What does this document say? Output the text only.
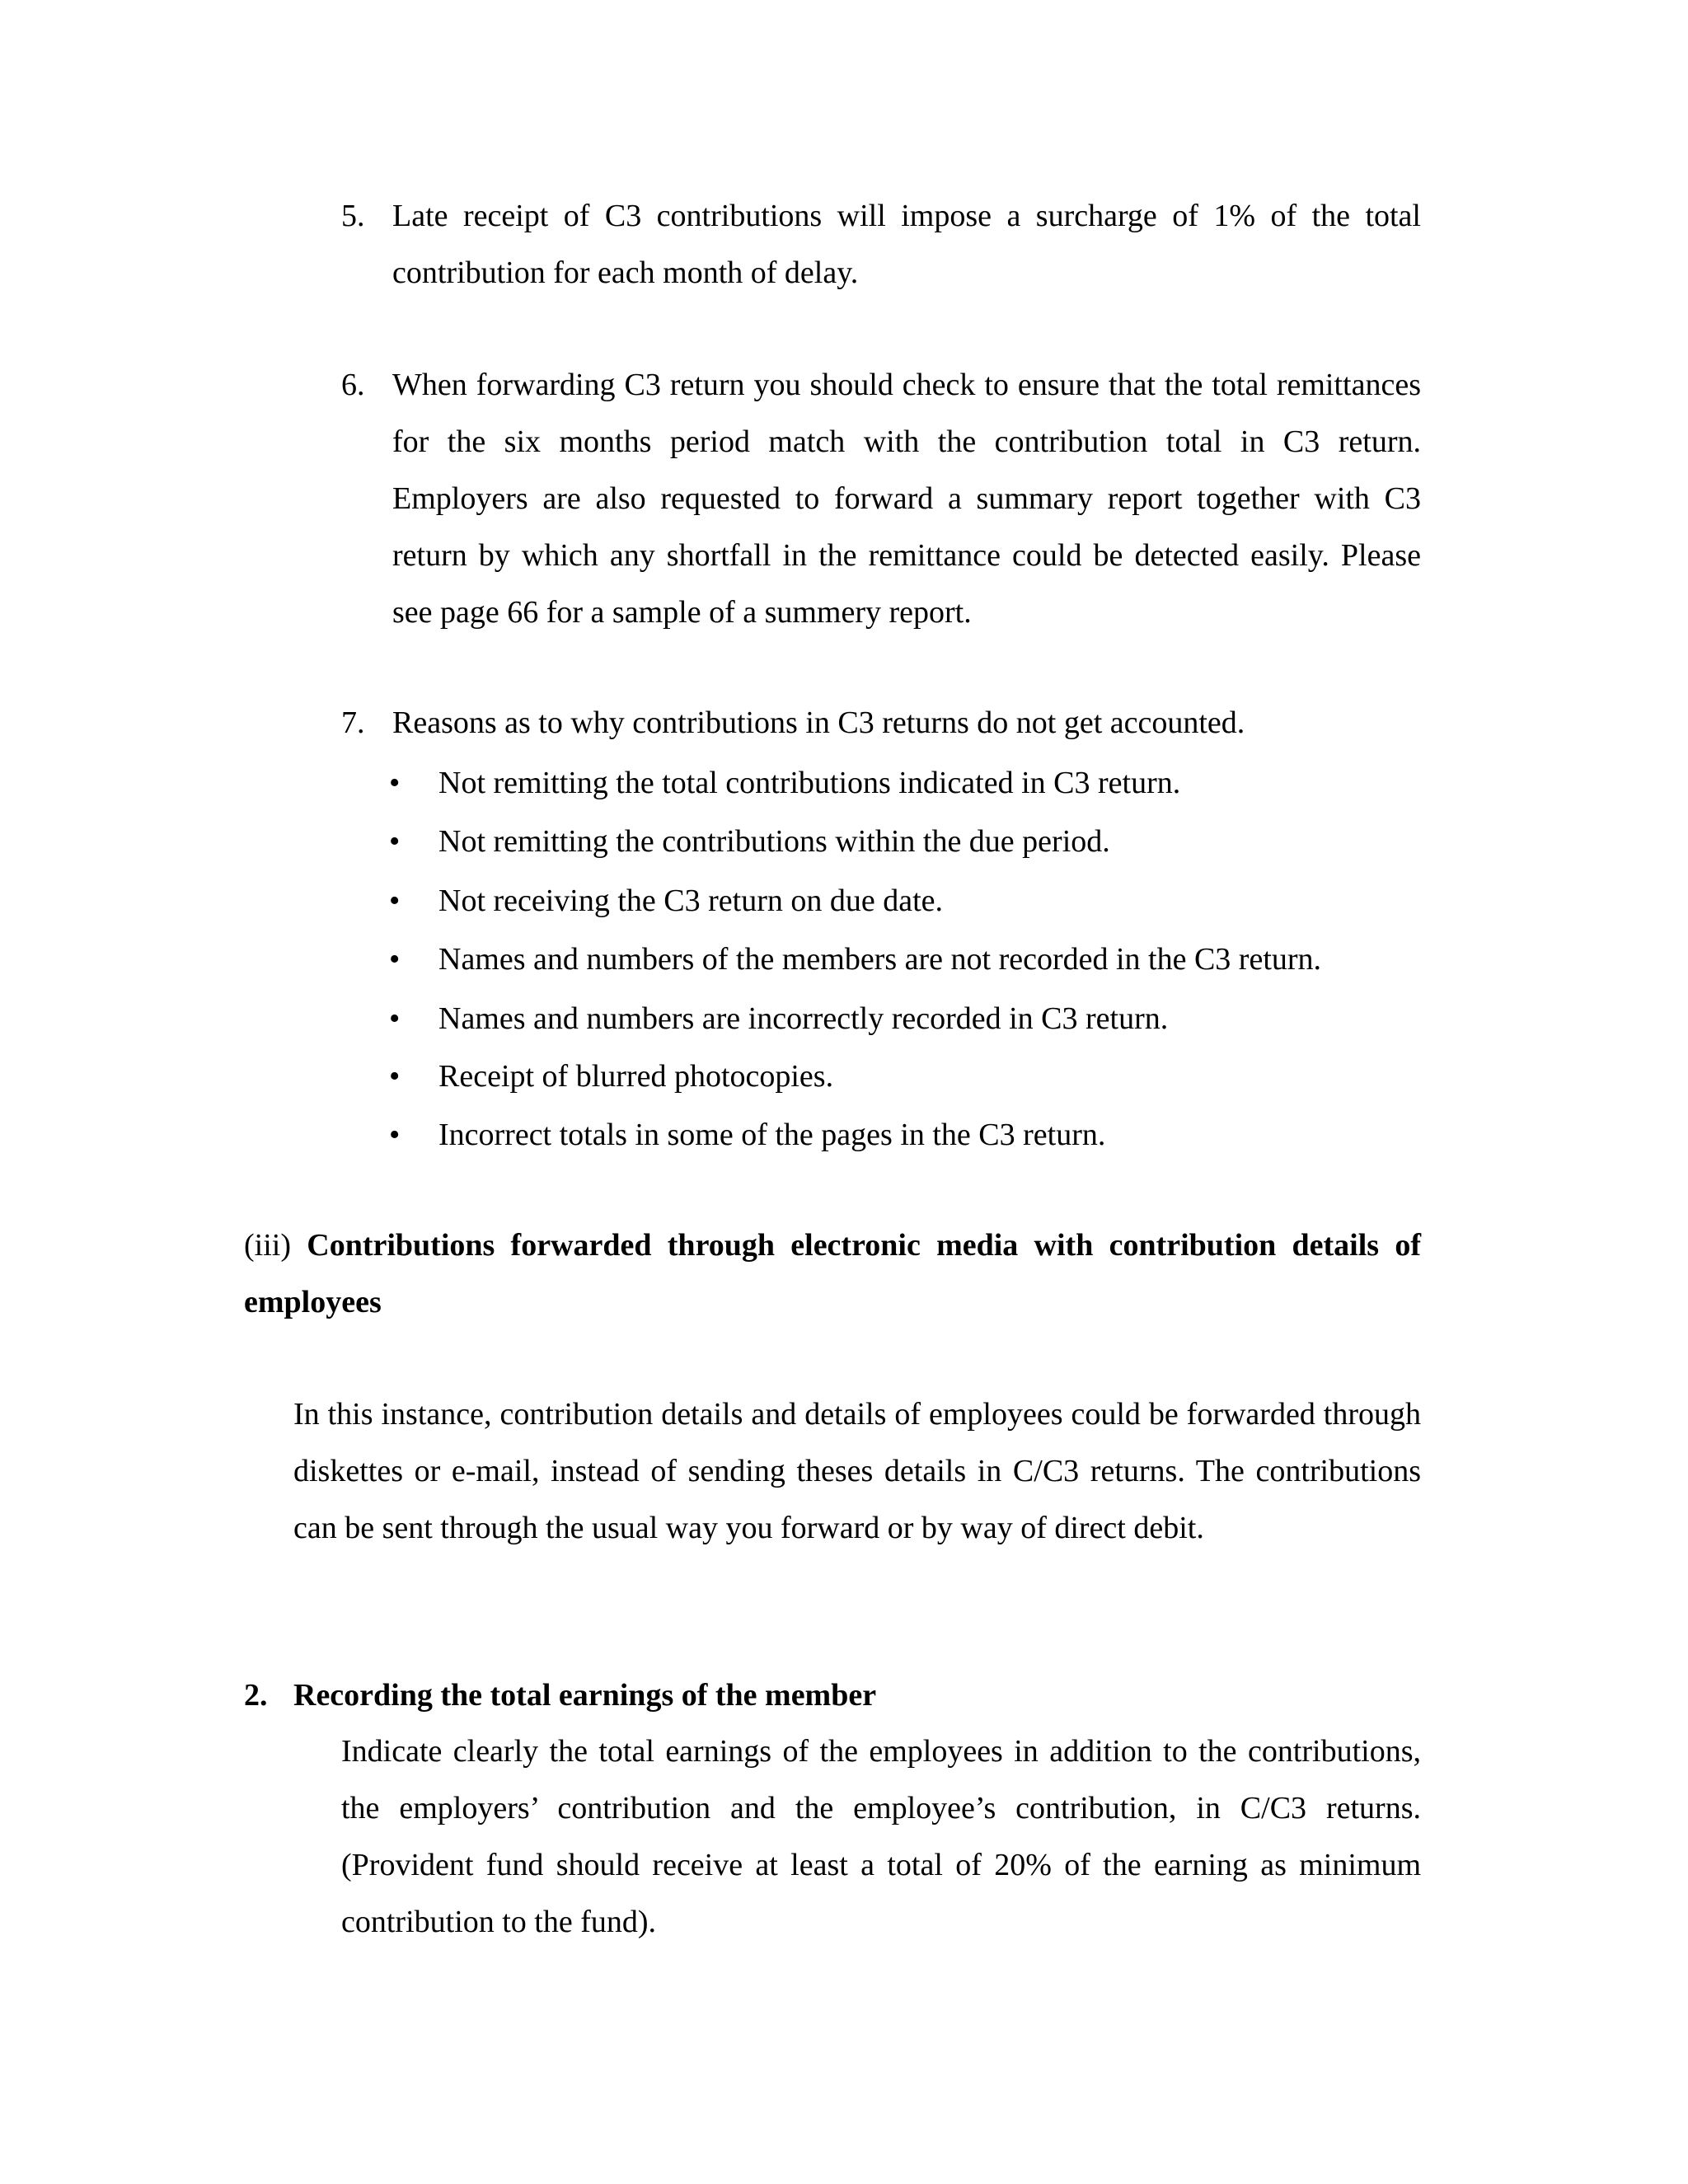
5. Late receipt of C3 contributions will impose a surcharge of 1% of the total contribution for each month of delay.

6. When forwarding C3 return you should check to ensure that the total remittances for the six months period match with the contribution total in C3 return. Employers are also requested to forward a summary report together with C3 return by which any shortfall in the remittance could be detected easily. Please see page 66 for a sample of a summery report.

7. Reasons as to why contributions in C3 returns do not get accounted.

•	Not remitting the total contributions indicated in C3 return.
•	Not remitting the contributions within the due period.
•	Not receiving the C3 return on due date.
•	Names and numbers of the members are not recorded in the C3 return.
•	Names and numbers are incorrectly recorded in C3 return.
•	Receipt of blurred photocopies.
•	Incorrect totals in some of the pages in the C3 return.

(iii) Contributions forwarded through electronic media with contribution details of employees

In this instance, contribution details and details of employees could be forwarded through diskettes or e-mail, instead of sending theses details in C/C3 returns. The contributions can be sent through the usual way you forward or by way of direct debit.

2. Recording the total earnings of the member

Indicate clearly the total earnings of the employees in addition to the contributions, the employers’ contribution and the employee’s contribution, in C/C3 returns. (Provident fund should receive at least a total of 20% of the earning as minimum contribution to the fund).
